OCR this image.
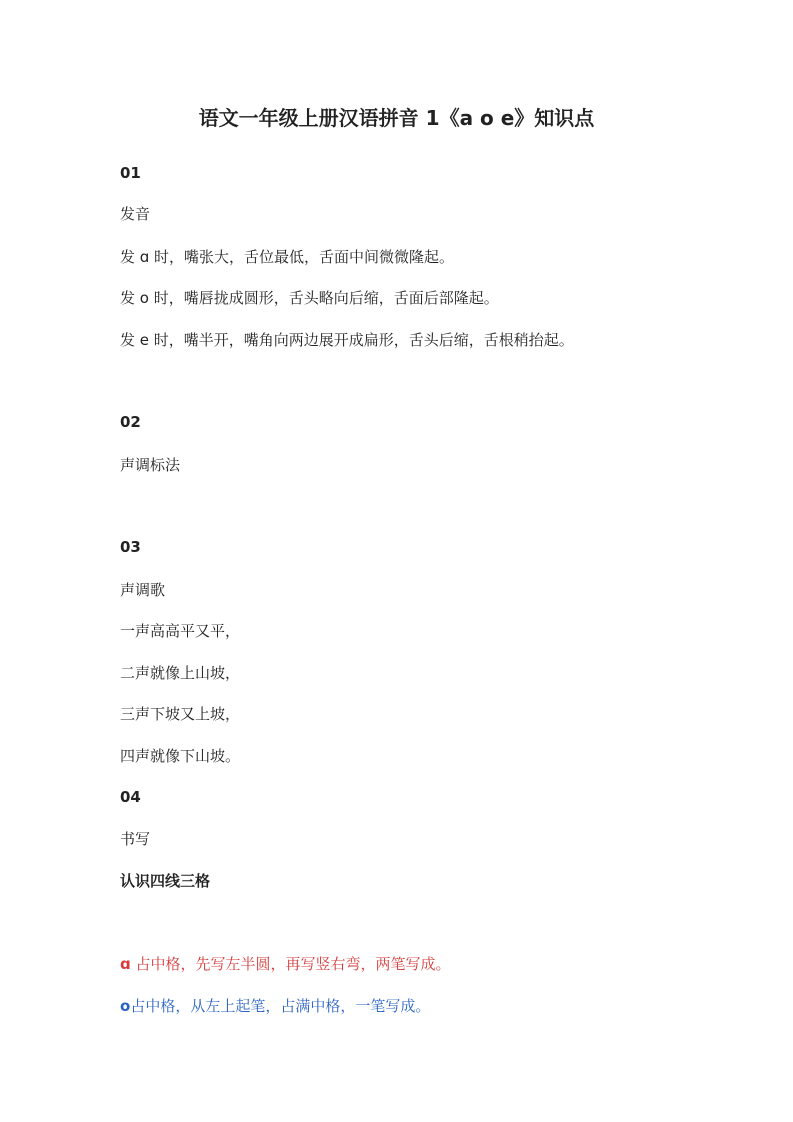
语文一年级上册汉语拼音 1《a o e》知识点
01
发音
发 ɑ 时，嘴张大，舌位最低，舌面中间微微隆起。
发 o 时，嘴唇拢成圆形，舌头略向后缩，舌面后部隆起。
发 e 时，嘴半开，嘴角向两边展开成扁形，舌头后缩，舌根稍抬起。
02
声调标法
03
声调歌
一声高高平又平，
二声就像上山坡，
三声下坡又上坡，
四声就像下山坡。
04
书写
认识四线三格
ɑ 占中格，先写左半圆，再写竖右弯，两笔写成。
o占中格，从左上起笔，占满中格，一笔写成。
